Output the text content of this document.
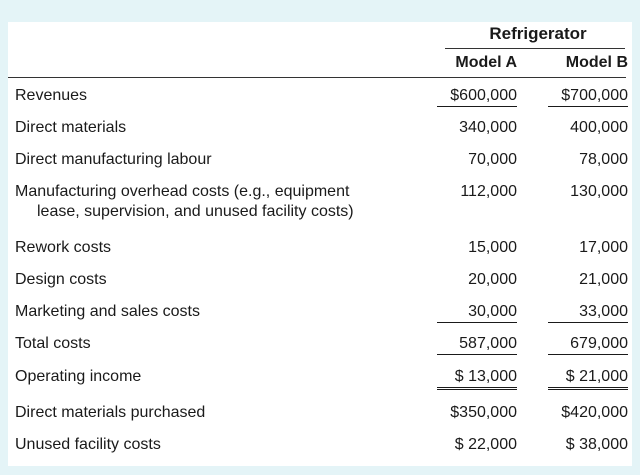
Refrigerator
Model A	Model B
Revenues	$600,000	$700,000
Direct materials	340,000	400,000
Direct manufacturing labour	70,000	78,000
Manufacturing overhead costs (e.g., equipment
lease, supervision, and unused facility costs)
112,000	130,000
Rework costs	15,000	17,000
Design costs	20,000	21,000
Marketing and sales costs	30,000	33,000
Total costs	587,000	679,000
Operating income	$ 13,000	$ 21,000
Direct materials purchased	$350,000	$420,000
Unused facility costs	$ 22,000	$ 38,000
